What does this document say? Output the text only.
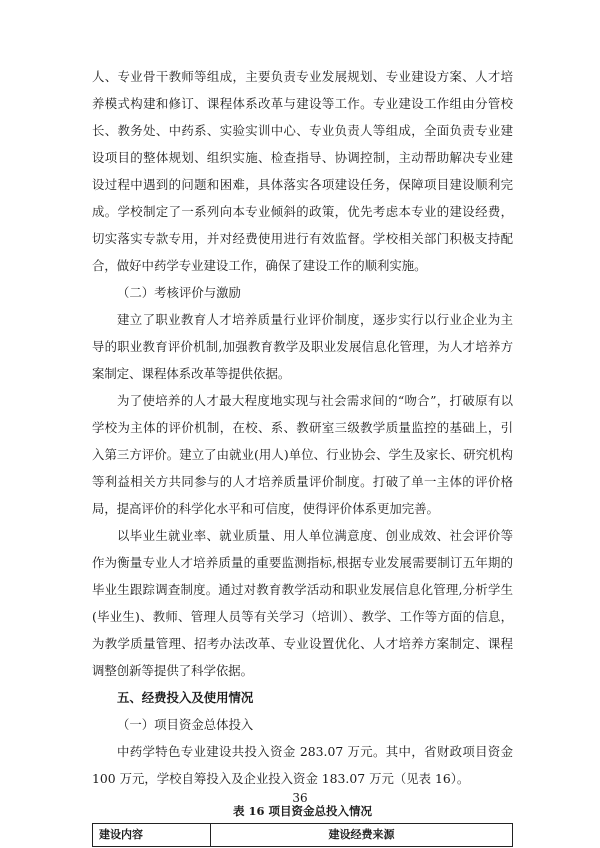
人、专业骨干教师等组成，主要负责专业发展规划、专业建设方案、人才培养模式构建和修订、课程体系改革与建设等工作。专业建设工作组由分管校长、教务处、中药系、实验实训中心、专业负责人等组成，全面负责专业建设项目的整体规划、组织实施、检查指导、协调控制，主动帮助解决专业建设过程中遇到的问题和困难，具体落实各项建设任务，保障项目建设顺利完成。学校制定了一系列向本专业倾斜的政策，优先考虑本专业的建设经费，切实落实专款专用，并对经费使用进行有效监督。学校相关部门积极支持配合，做好中药学专业建设工作，确保了建设工作的顺利实施。

（二）考核评价与激励

建立了职业教育人才培养质量行业评价制度，逐步实行以行业企业为主导的职业教育评价机制,加强教育教学及职业发展信息化管理，为人才培养方案制定、课程体系改革等提供依据。

为了使培养的人才最大程度地实现与社会需求间的“吻合”，打破原有以学校为主体的评价机制，在校、系、教研室三级教学质量监控的基础上，引入第三方评价。建立了由就业(用人)单位、行业协会、学生及家长、研究机构等利益相关方共同参与的人才培养质量评价制度。打破了单一主体的评价格局，提高评价的科学化水平和可信度，使得评价体系更加完善。

以毕业生就业率、就业质量、用人单位满意度、创业成效、社会评价等作为衡量专业人才培养质量的重要监测指标,根据专业发展需要制订五年期的毕业生跟踪调查制度。通过对教育教学活动和职业发展信息化管理,分析学生(毕业生)、教师、管理人员等有关学习（培训）、教学、工作等方面的信息，为教学质量管理、招考办法改革、专业设置优化、人才培养方案制定、课程调整创新等提供了科学依据。

五、经费投入及使用情况

（一）项目资金总体投入

中药学特色专业建设共投入资金 283.07 万元。其中，省财政项目资金 100 万元，学校自筹投入及企业投入资金 183.07 万元（见表 16）。

表 16 项目资金总投入情况
建设内容	建设经费来源
36
